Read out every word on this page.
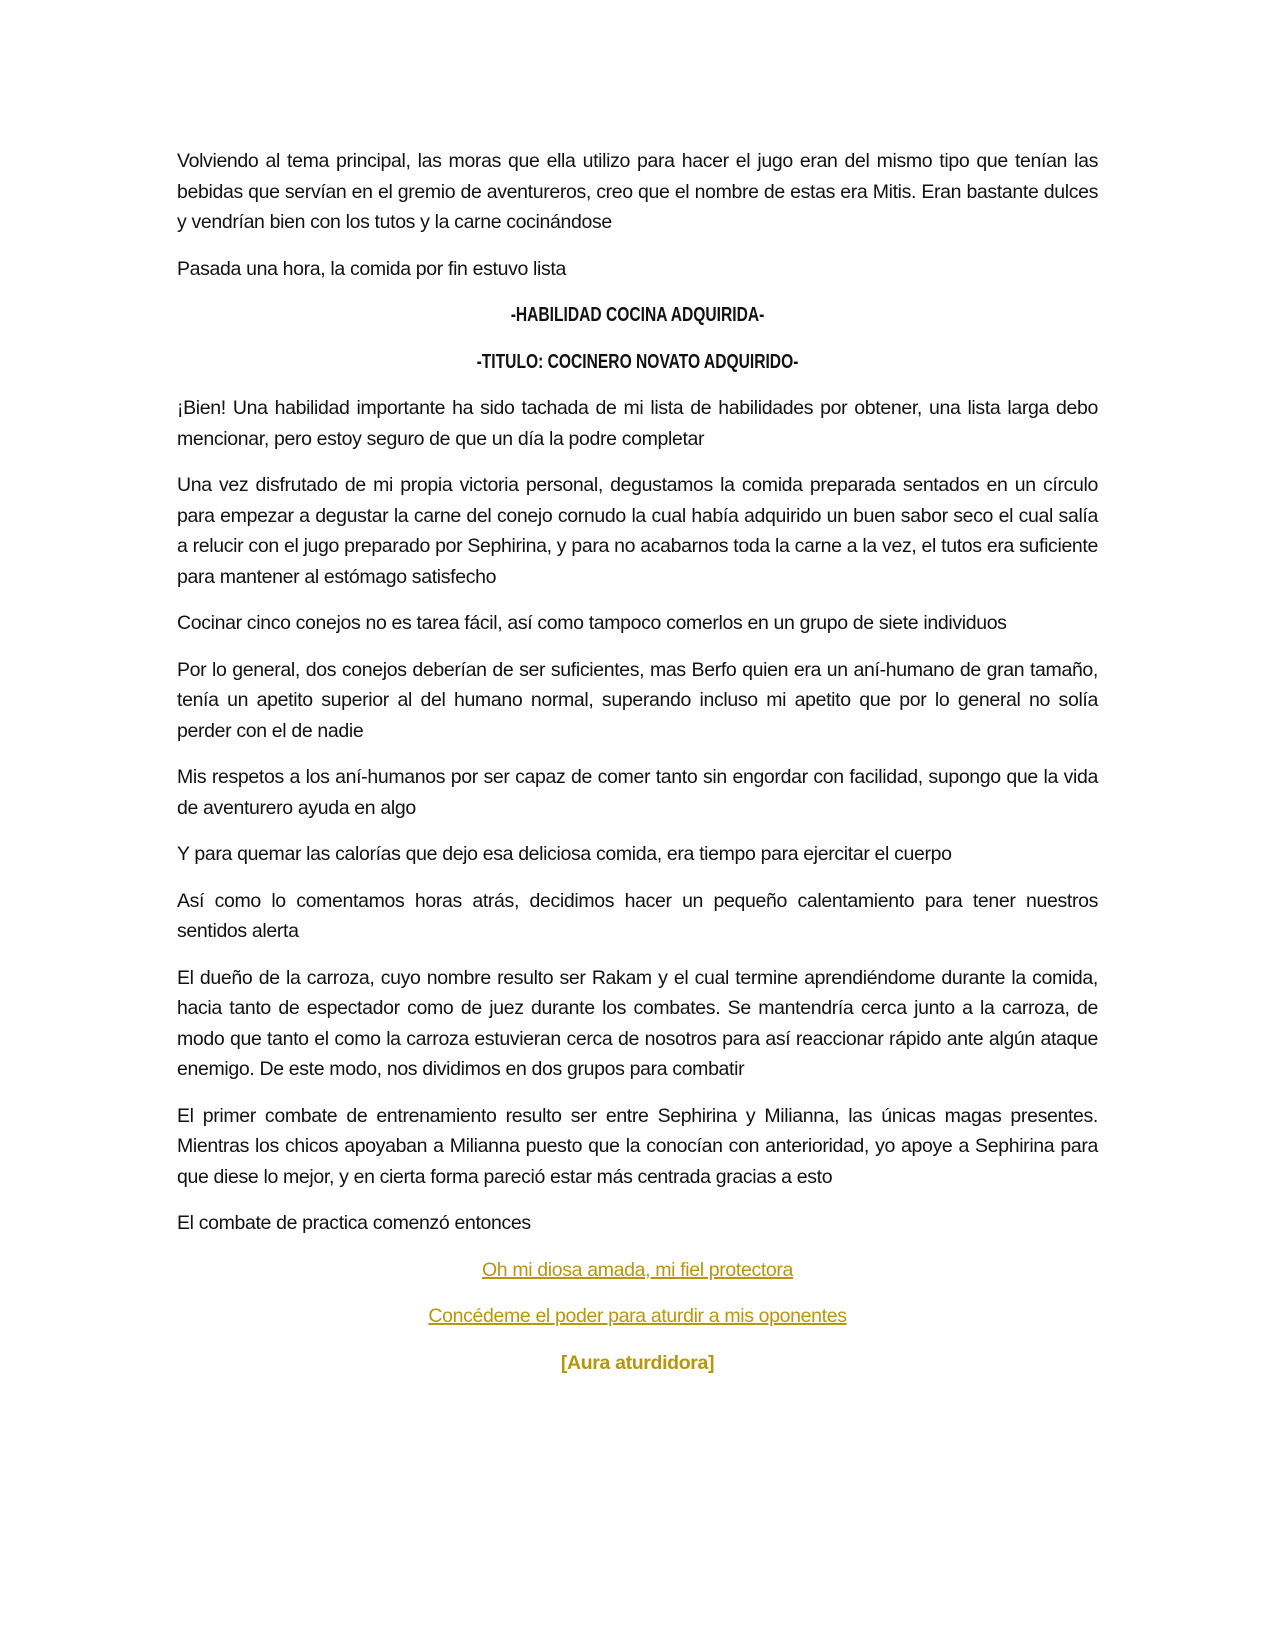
Volviendo al tema principal, las moras que ella utilizo para hacer el jugo eran del mismo tipo que tenían las bebidas que servían en el gremio de aventureros, creo que el nombre de estas era Mitis. Eran bastante dulces y vendrían bien con los tutos y la carne cocinándose

Pasada una hora, la comida por fin estuvo lista

-HABILIDAD COCINA ADQUIRIDA-

-TITULO: COCINERO NOVATO ADQUIRIDO-

¡Bien! Una habilidad importante ha sido tachada de mi lista de habilidades por obtener, una lista larga debo mencionar, pero estoy seguro de que un día la podre completar

Una vez disfrutado de mi propia victoria personal, degustamos la comida preparada sentados en un círculo para empezar a degustar la carne del conejo cornudo la cual había adquirido un buen sabor seco el cual salía a relucir con el jugo preparado por Sephirina, y para no acabarnos toda la carne a la vez, el tutos era suficiente para mantener al estómago satisfecho

Cocinar cinco conejos no es tarea fácil, así como tampoco comerlos en un grupo de siete individuos

Por lo general, dos conejos deberían de ser suficientes, mas Berfo quien era un aní-humano de gran tamaño, tenía un apetito superior al del humano normal, superando incluso mi apetito que por lo general no solía perder con el de nadie

Mis respetos a los aní-humanos por ser capaz de comer tanto sin engordar con facilidad, supongo que la vida de aventurero ayuda en algo

Y para quemar las calorías que dejo esa deliciosa comida, era tiempo para ejercitar el cuerpo

Así como lo comentamos horas atrás, decidimos hacer un pequeño calentamiento para tener nuestros sentidos alerta

El dueño de la carroza, cuyo nombre resulto ser Rakam y el cual termine aprendiéndome durante la comida, hacia tanto de espectador como de juez durante los combates. Se mantendría cerca junto a la carroza, de modo que tanto el como la carroza estuvieran cerca de nosotros para así reaccionar rápido ante algún ataque enemigo. De este modo, nos dividimos en dos grupos para combatir

El primer combate de entrenamiento resulto ser entre Sephirina y Milianna, las únicas magas presentes. Mientras los chicos apoyaban a Milianna puesto que la conocían con anterioridad, yo apoye a Sephirina para que diese lo mejor, y en cierta forma pareció estar más centrada gracias a esto

El combate de practica comenzó entonces

Oh mi diosa amada, mi fiel protectora

Concédeme el poder para aturdir a mis oponentes

[Aura aturdidora]
